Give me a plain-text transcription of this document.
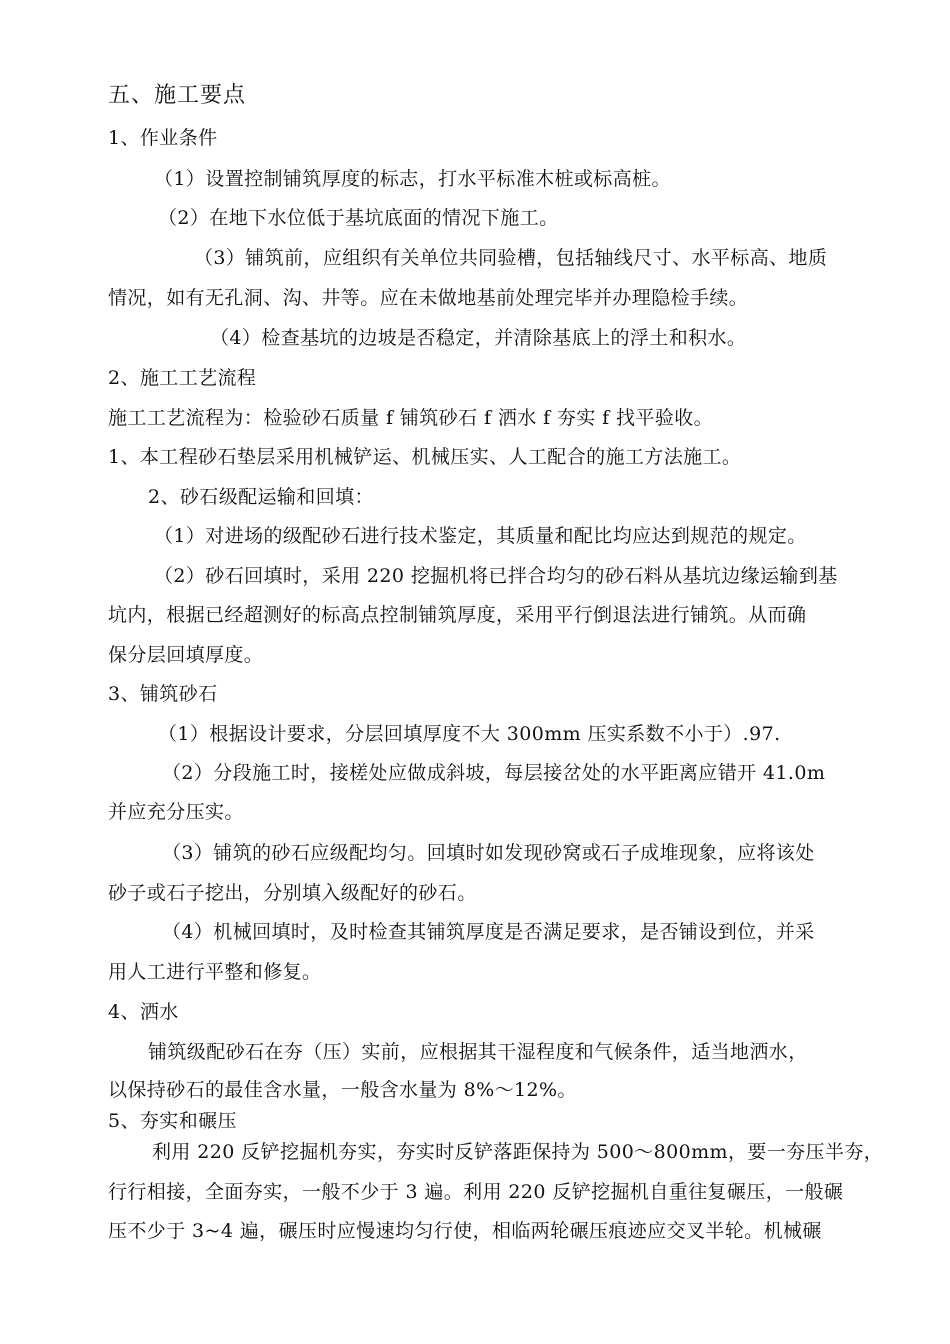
五、施工要点
1、作业条件
（1）设置控制铺筑厚度的标志，打水平标准木桩或标高桩。
（2）在地下水位低于基坑底面的情况下施工。
（3）铺筑前，应组织有关单位共同验槽，包括轴线尺寸、水平标高、地质
情况，如有无孔洞、沟、井等。应在未做地基前处理完毕并办理隐检手续。
（4）检查基坑的边坡是否稳定，并清除基底上的浮土和积水。
2、施工工艺流程
施工工艺流程为：检验砂石质量 f 铺筑砂石 f 洒水 f 夯实 f 找平验收。
1、本工程砂石垫层采用机械铲运、机械压实、人工配合的施工方法施工。
2、砂石级配运输和回填：
（1）对进场的级配砂石进行技术鉴定，其质量和配比均应达到规范的规定。
（2）砂石回填时，采用 220 挖掘机将已拌合均匀的砂石料从基坑边缘运输到基
坑内，根据已经超测好的标高点控制铺筑厚度，采用平行倒退法进行铺筑。从而确
保分层回填厚度。
3、铺筑砂石
（1）根据设计要求，分层回填厚度不大 300mm 压实系数不小于）.97.
（2）分段施工时，接槎处应做成斜坡，每层接岔处的水平距离应错开 41.0m
并应充分压实。
（3）铺筑的砂石应级配均匀。回填时如发现砂窝或石子成堆现象，应将该处
砂子或石子挖出，分别填入级配好的砂石。
（4）机械回填时，及时检查其铺筑厚度是否满足要求，是否铺设到位，并采
用人工进行平整和修复。
4、洒水
铺筑级配砂石在夯（压）实前，应根据其干湿程度和气候条件，适当地洒水，
以保持砂石的最佳含水量，一般含水量为 8%～12%。
5、夯实和碾压
利用 220 反铲挖掘机夯实，夯实时反铲落距保持为 500～800mm，要一夯压半夯，
行行相接，全面夯实，一般不少于 3 遍。利用 220 反铲挖掘机自重往复碾压，一般碾
压不少于 3~4 遍，碾压时应慢速均匀行使，相临两轮碾压痕迹应交叉半轮。机械碾
